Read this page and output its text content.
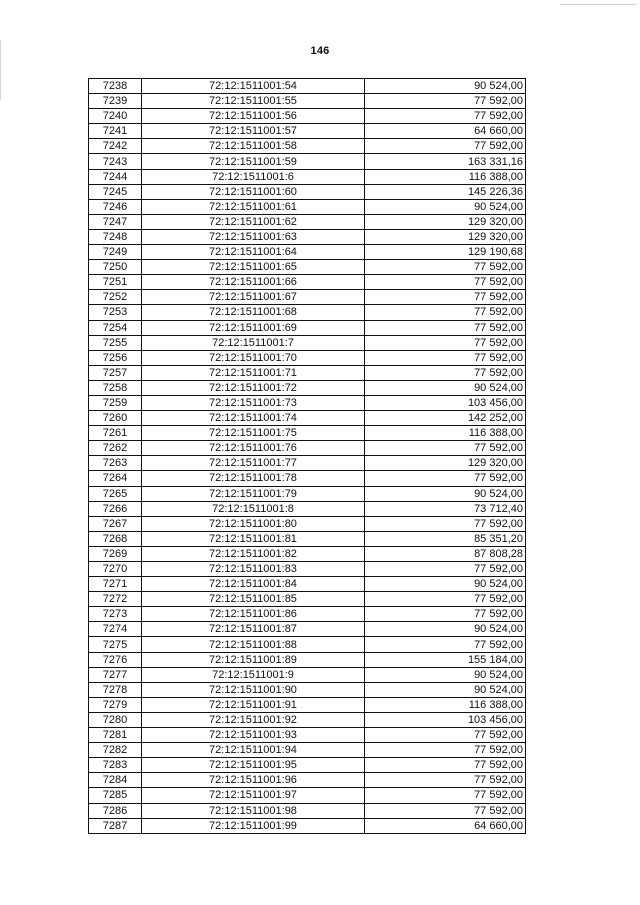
146
7238	72:12:1511001:54	90 524,00
7239	72:12:1511001:55	77 592,00
7240	72:12:1511001:56	77 592,00
7241	72:12:1511001:57	64 660,00
7242	72:12:1511001:58	77 592,00
7243	72:12:1511001:59	163 331,16
7244	72:12:1511001:6	116 388,00
7245	72:12:1511001:60	145 226,36
7246	72:12:1511001:61	90 524,00
7247	72:12:1511001:62	129 320,00
7248	72:12:1511001:63	129 320,00
7249	72:12:1511001:64	129 190,68
7250	72:12:1511001:65	77 592,00
7251	72:12:1511001:66	77 592,00
7252	72:12:1511001:67	77 592,00
7253	72:12:1511001:68	77 592,00
7254	72:12:1511001:69	77 592,00
7255	72:12:1511001:7	77 592,00
7256	72:12:1511001:70	77 592,00
7257	72:12:1511001:71	77 592,00
7258	72:12:1511001:72	90 524,00
7259	72:12:1511001:73	103 456,00
7260	72:12:1511001:74	142 252,00
7261	72:12:1511001:75	116 388,00
7262	72:12:1511001:76	77 592,00
7263	72:12:1511001:77	129 320,00
7264	72:12:1511001:78	77 592,00
7265	72:12:1511001:79	90 524,00
7266	72:12:1511001:8	73 712,40
7267	72:12:1511001:80	77 592,00
7268	72:12:1511001:81	85 351,20
7269	72:12:1511001:82	87 808,28
7270	72:12:1511001:83	77 592,00
7271	72:12:1511001:84	90 524,00
7272	72:12:1511001:85	77 592,00
7273	72:12:1511001:86	77 592,00
7274	72:12:1511001:87	90 524,00
7275	72:12:1511001:88	77 592,00
7276	72:12:1511001:89	155 184,00
7277	72:12:1511001:9	90 524,00
7278	72:12:1511001:90	90 524,00
7279	72:12:1511001:91	116 388,00
7280	72:12:1511001:92	103 456,00
7281	72:12:1511001:93	77 592,00
7282	72:12:1511001:94	77 592,00
7283	72:12:1511001:95	77 592,00
7284	72:12:1511001:96	77 592,00
7285	72:12:1511001:97	77 592,00
7286	72:12:1511001:98	77 592,00
7287	72:12:1511001:99	64 660,00
